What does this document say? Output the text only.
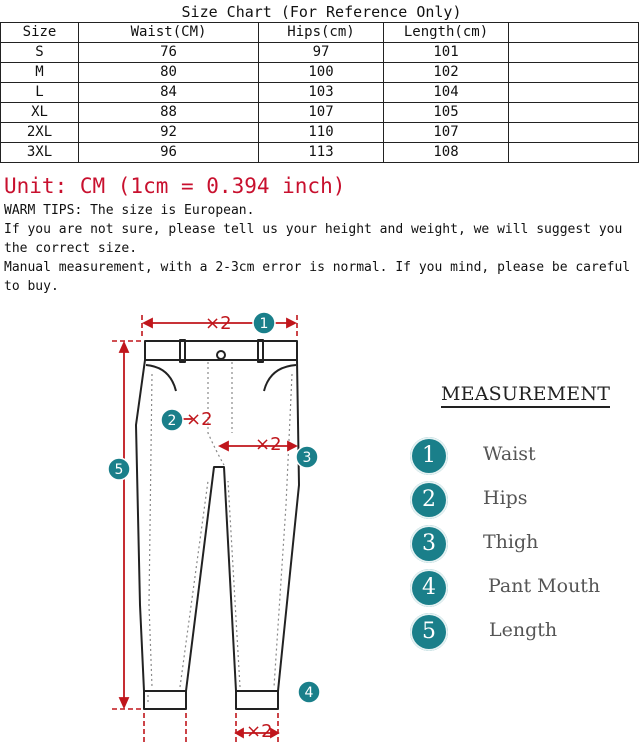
Size Chart (For Reference Only)
Size	Waist(CM)	Hips(cm)	Length(cm)	
S	76	97	101	
M	80	100	102	
L	84	103	104	
XL	88	107	105	
2XL	92	110	107	
3XL	96	113	108	
Unit: CM (1cm = 0.394 inch)

WARM TIPS: The size is European.

If you are not sure, please tell us your height and weight, we will suggest you the correct size.

Manual measurement, with a 2-3cm error is normal. If you mind, please be careful to buy.

×2
×2
×2
×2
1
2
3
4
5
MEASUREMENT
1	Waist
2	Hips
3	Thigh
4	Pant Mouth
5	Length
